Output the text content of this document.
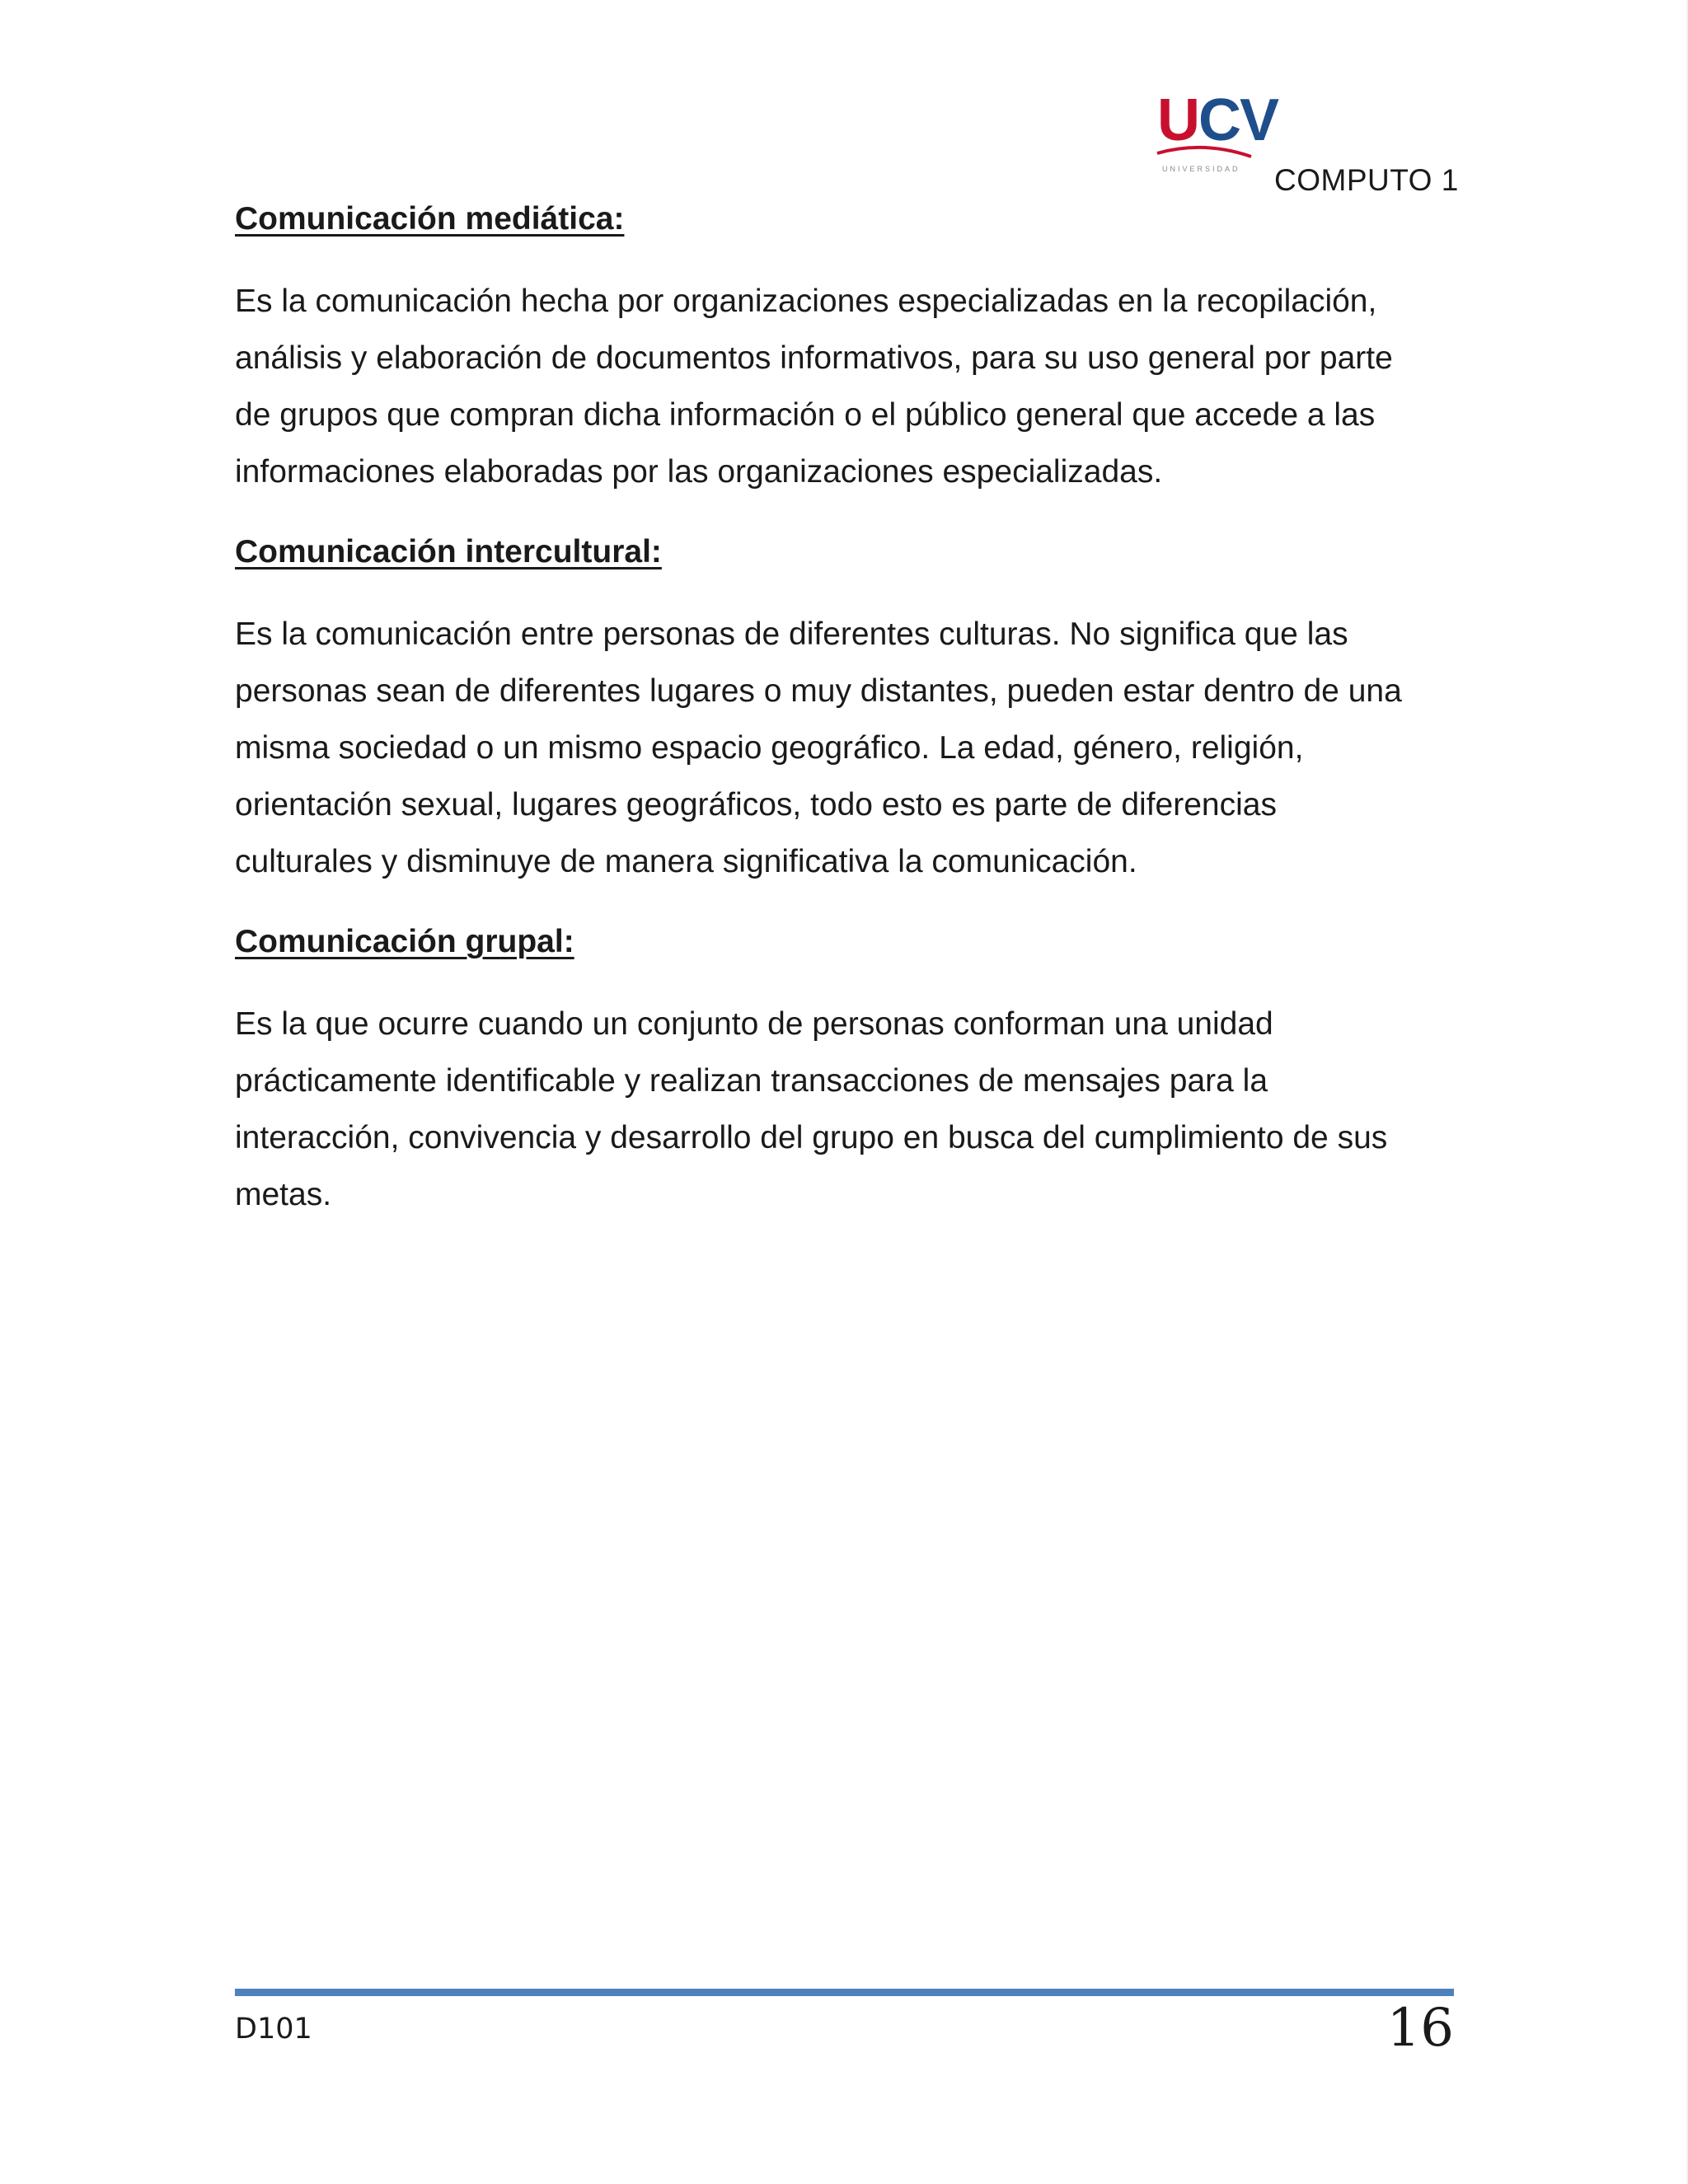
UCV
UNIVERSIDAD COMPUTO 1
Comunicación mediática:

Es la comunicación hecha por organizaciones especializadas en la recopilación,
análisis y elaboración de documentos informativos, para su uso general por parte
de grupos que compran dicha información o el público general que accede a las
informaciones elaboradas por las organizaciones especializadas.

Comunicación intercultural:

Es la comunicación entre personas de diferentes culturas. No significa que las
personas sean de diferentes lugares o muy distantes, pueden estar dentro de una
misma sociedad o un mismo espacio geográfico. La edad, género, religión,
orientación sexual, lugares geográficos, todo esto es parte de diferencias
culturales y disminuye de manera significativa la comunicación.

Comunicación grupal:

Es la que ocurre cuando un conjunto de personas conforman una unidad
prácticamente identificable y realizan transacciones de mensajes para la
interacción, convivencia y desarrollo del grupo en busca del cumplimiento de sus
metas.

D101	16
